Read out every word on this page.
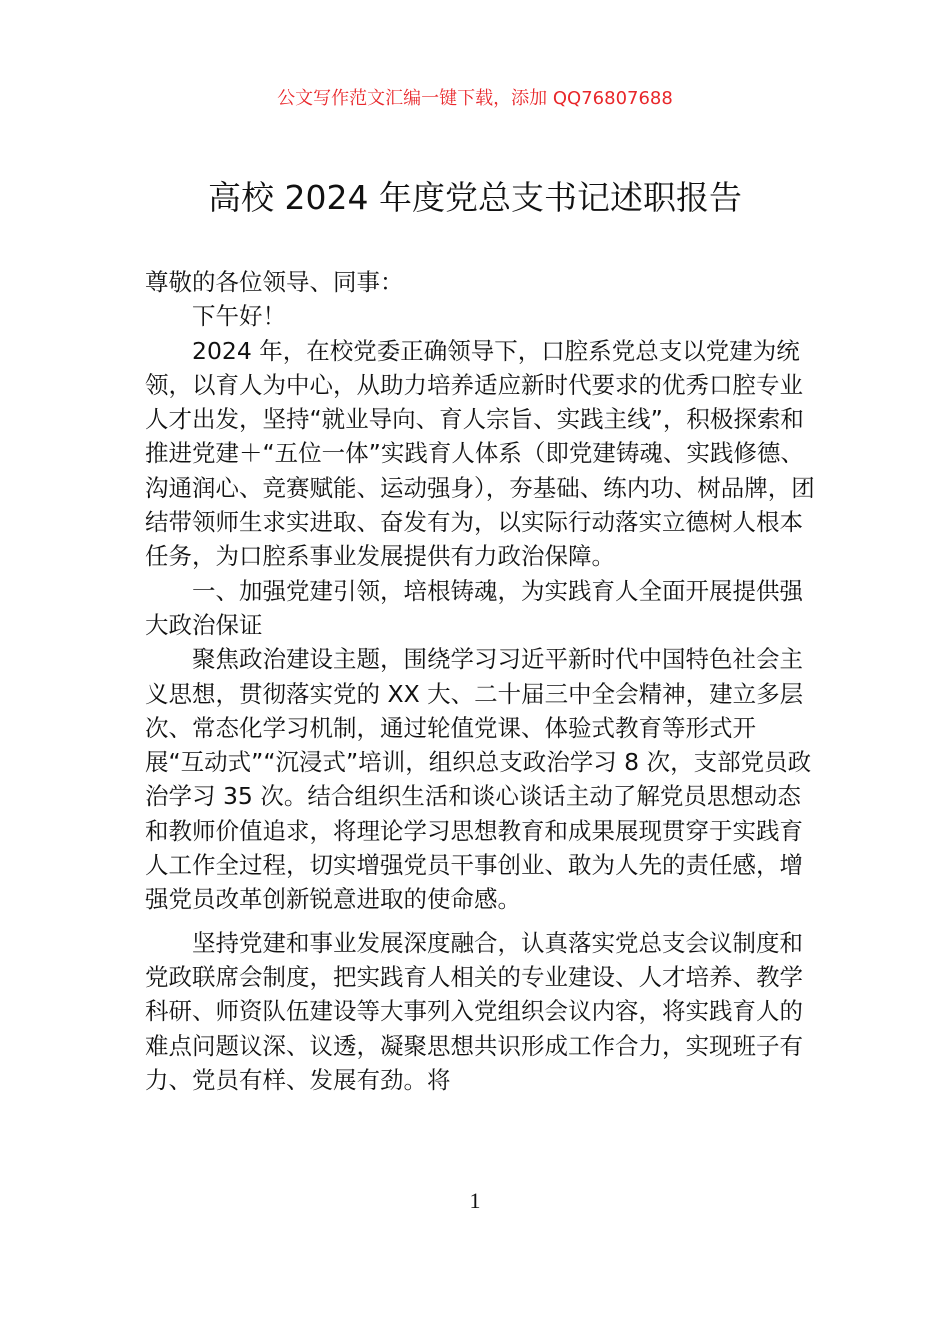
公文写作范文汇编一键下载，添加 QQ76807688
高校 2024 年度党总支书记述职报告

尊敬的各位领导、同事：

下午好！

2024 年，在校党委正确领导下，口腔系党总支以党建为统领，以育人为中心，从助力培养适应新时代要求的优秀口腔专业人才出发，坚持“就业导向、育人宗旨、实践主线”，积极探索和推进党建＋“五位一体”实践育人体系（即党建铸魂、实践修德、沟通润心、竞赛赋能、运动强身），夯基础、练内功、树品牌，团结带领师生求实进取、奋发有为，以实际行动落实立德树人根本任务，为口腔系事业发展提供有力政治保障。

一、加强党建引领，培根铸魂，为实践育人全面开展提供强大政治保证

聚焦政治建设主题，围绕学习习近平新时代中国特色社会主义思想，贯彻落实党的 XX 大、二十届三中全会精神，建立多层次、常态化学习机制，通过轮值党课、体验式教育等形式开展“互动式”“沉浸式”培训，组织总支政治学习 8 次，支部党员政治学习 35 次。结合组织生活和谈心谈话主动了解党员思想动态和教师价值追求，将理论学习思想教育和成果展现贯穿于实践育人工作全过程，切实增强党员干事创业、敢为人先的责任感，增强党员改革创新锐意进取的使命感。

坚持党建和事业发展深度融合，认真落实党总支会议制度和党政联席会制度，把实践育人相关的专业建设、人才培养、教学科研、师资队伍建设等大事列入党组织会议内容，将实践育人的难点问题议深、议透，凝聚思想共识形成工作合力，实现班子有力、党员有样、发展有劲。将

1
